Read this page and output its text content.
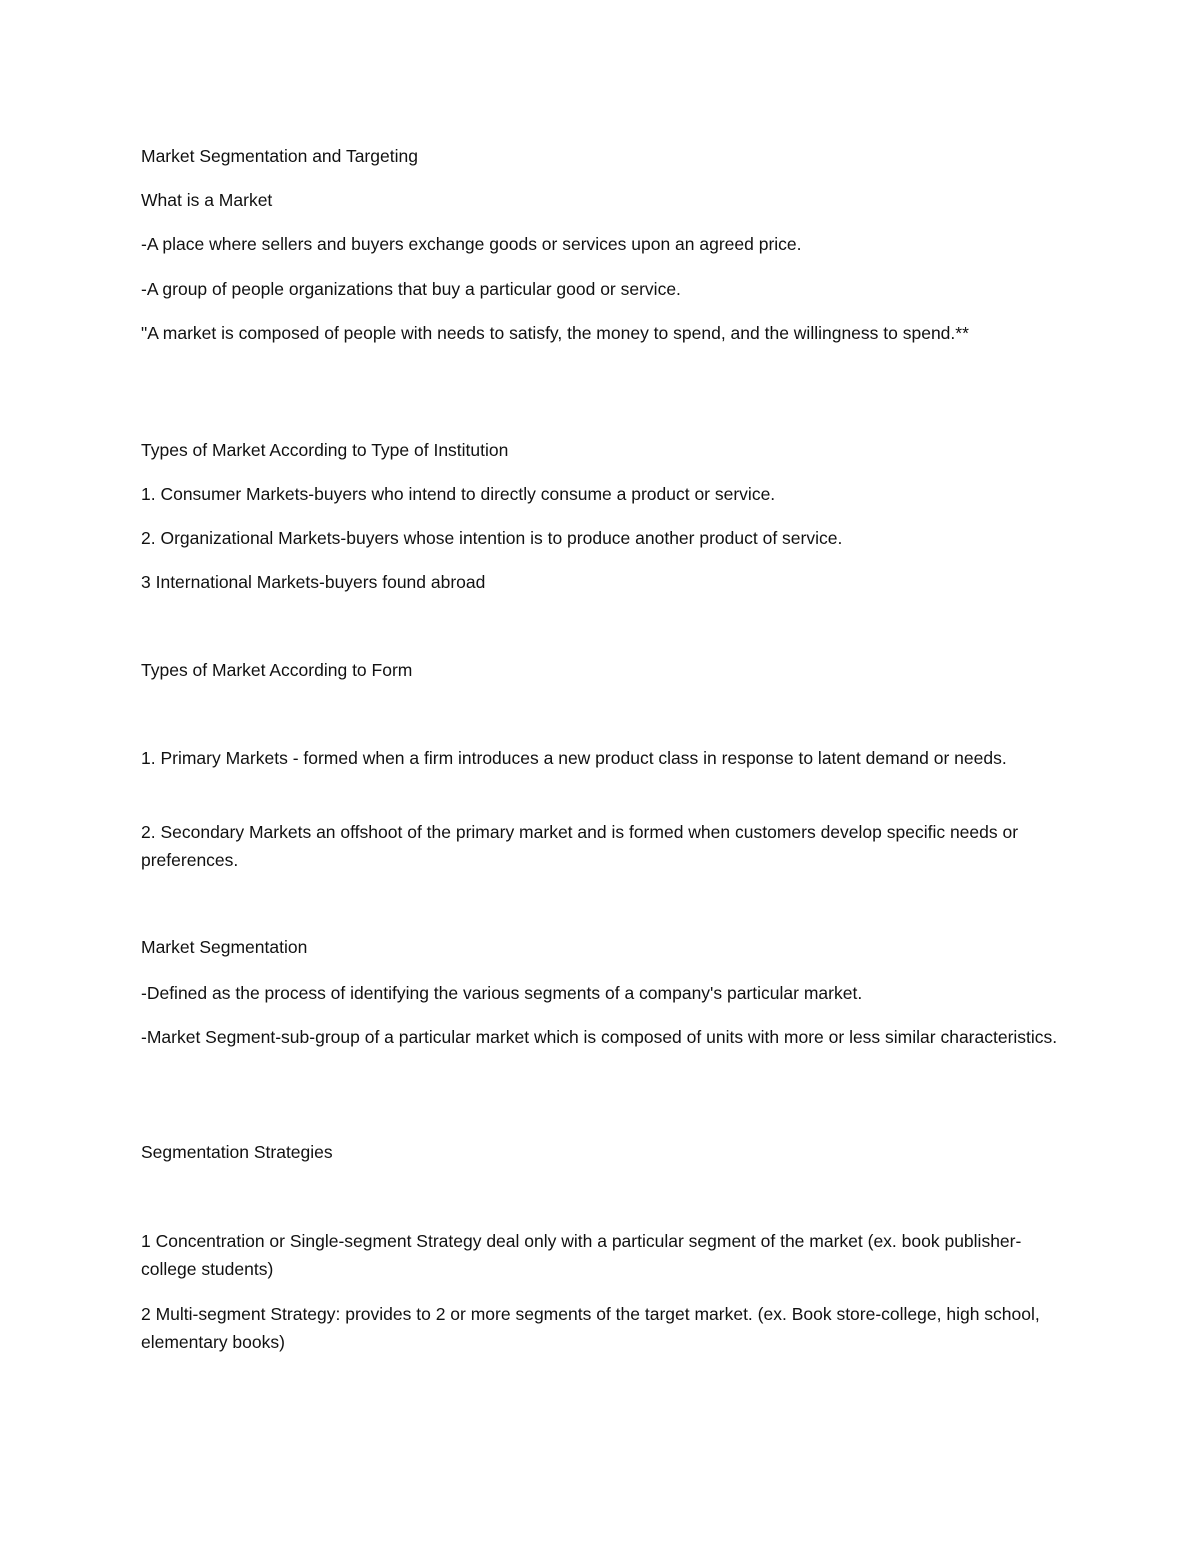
Market Segmentation and Targeting

What is a Market

-A place where sellers and buyers exchange goods or services upon an agreed price.

-A group of people organizations that buy a particular good or service.

"A market is composed of people with needs to satisfy, the money to spend, and the willingness to spend.**

Types of Market According to Type of Institution

1. Consumer Markets-buyers who intend to directly consume a product or service.

2. Organizational Markets-buyers whose intention is to produce another product of service.

3 International Markets-buyers found abroad

Types of Market According to Form

1. Primary Markets - formed when a firm introduces a new product class in response to latent demand or needs.

2. Secondary Markets an offshoot of the primary market and is formed when customers develop specific needs or preferences.

Market Segmentation

-Defined as the process of identifying the various segments of a company's particular market.

-Market Segment-sub-group of a particular market which is composed of units with more or less similar characteristics.

Segmentation Strategies

1 Concentration or Single-segment Strategy deal only with a particular segment of the market (ex. book publisher-college students)

2 Multi-segment Strategy: provides to 2 or more segments of the target market. (ex. Book store-college, high school, elementary books)
